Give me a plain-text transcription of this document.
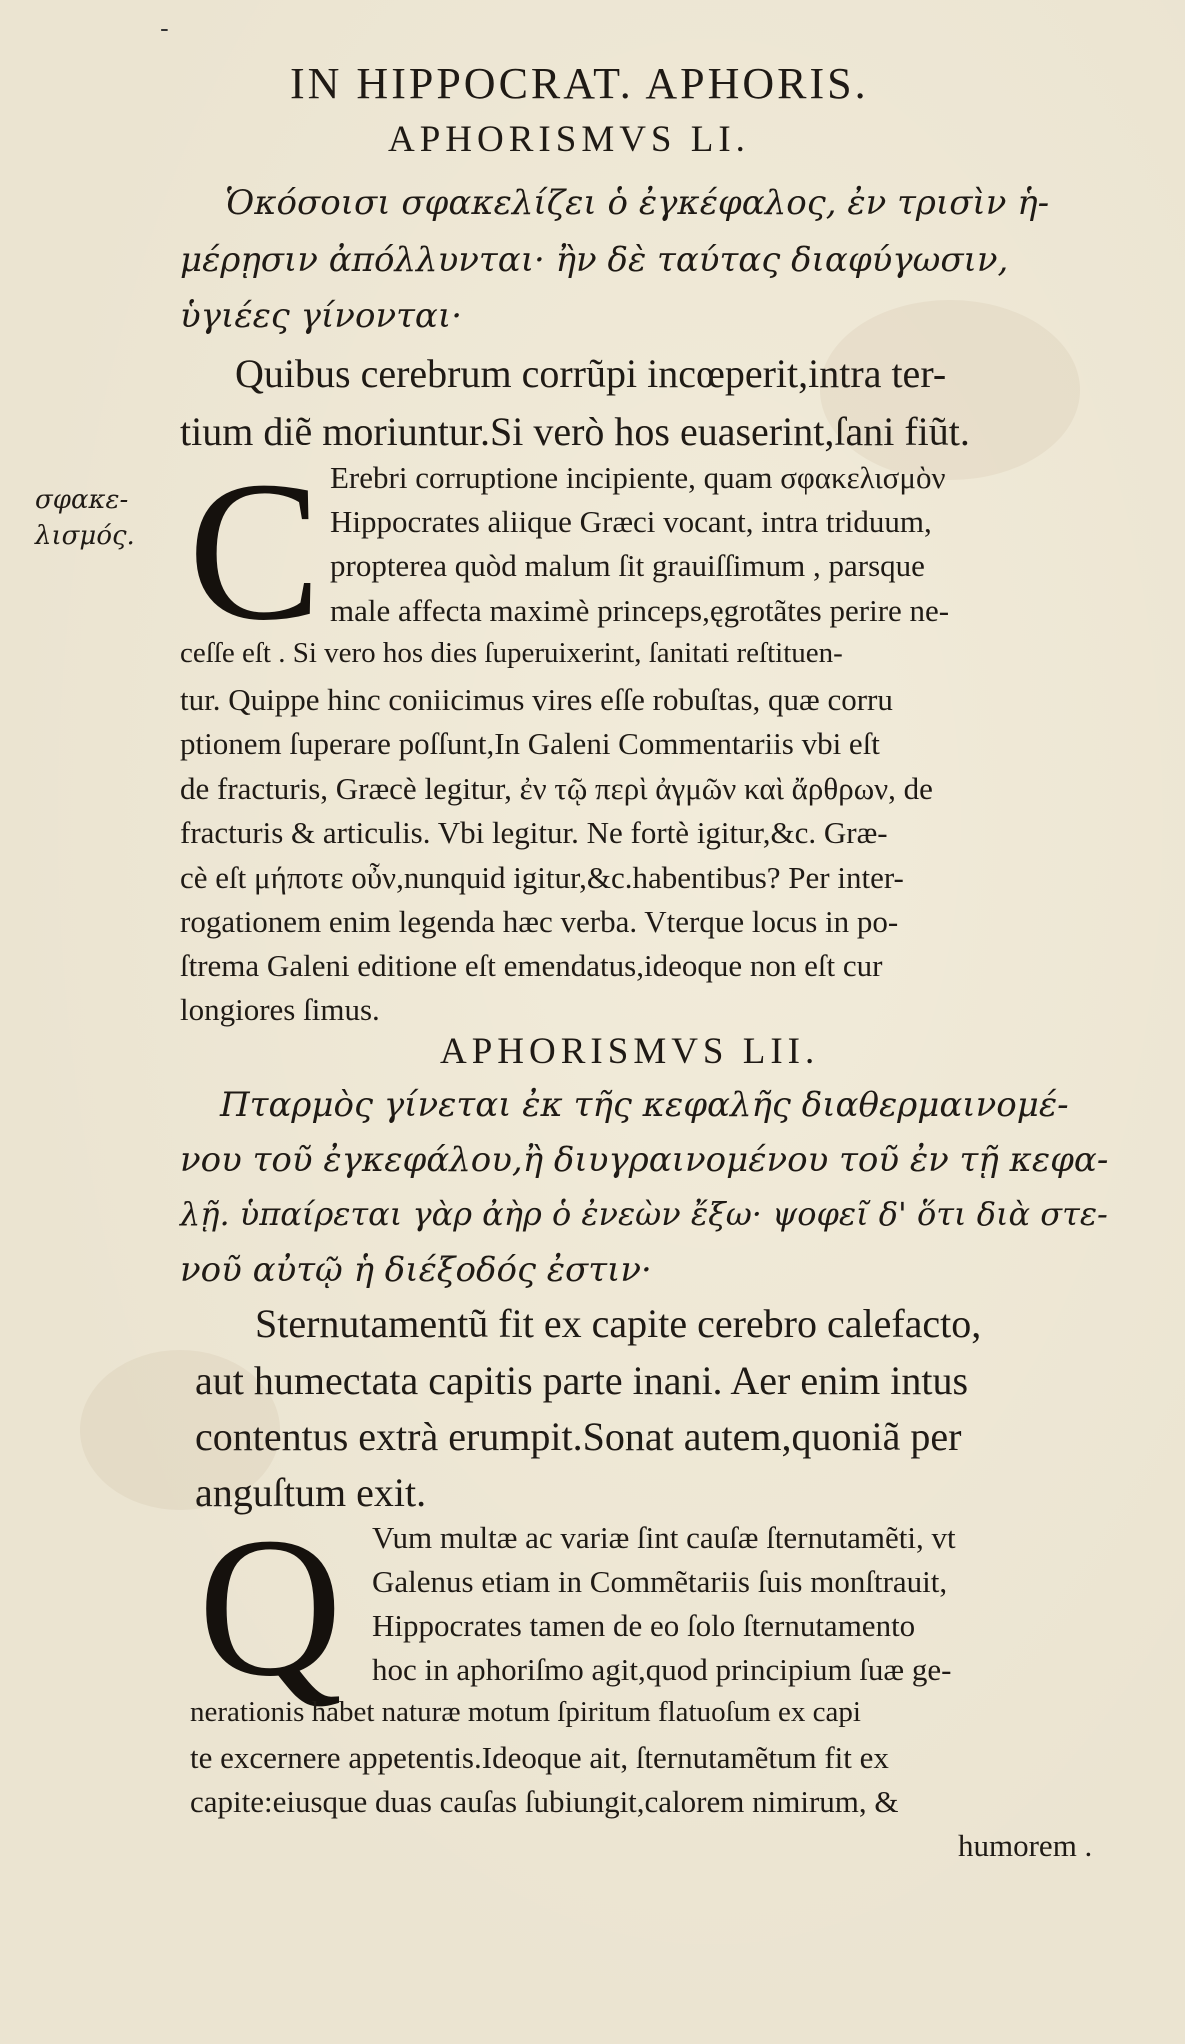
-
IN HIPPOCRAT. APHORIS.
APHORISMVS LI.
Ὁκόσοισι σφακελίζει ὁ ἐγκέφαλος, ἐν τρισὶν ἡ-
μέρῃσιν ἀπόλλυνται· ἢν δὲ ταύτας διαφύγωσιν,
ὑγιέες γίνονται·
Quibus cerebrum corrũpi incœperit,intra ter-
tium diẽ moriuntur.Si verò hos euaserint,ſani fiũt.
σφακε-
λισμός. C Erebri corruptione incipiente, quam σφακελισμὸν
Hippocrates aliique Græci vocant, intra triduum,
propterea quòd malum ſit grauiſſimum , parsque
male affecta maximè princeps,ęgrotãtes perire ne-
ceſſe eſt . Si vero hos dies ſuperuixerint, ſanitati reſtituen-
tur. Quippe hinc coniicimus vires eſſe robuſtas, quæ corru
ptionem ſuperare poſſunt,In Galeni Commentariis vbi eſt
de fracturis, Græcè legitur, ἐν τῷ περὶ ἀγμῶν καὶ ἄρθρων, de
fracturis & articulis. Vbi legitur. Ne fortè igitur,&c. Græ-
cè eſt μήποτε οὖν,nunquid igitur,&c.habentibus? Per inter-
rogationem enim legenda hæc verba. Vterque locus in po-
ſtrema Galeni editione eſt emendatus,ideoque non eſt cur
longiores ſimus.
APHORISMVS LII.
Πταρμὸς γίνεται ἐκ τῆς κεφαλῆς διαθερμαινομέ-
νου τοῦ ἐγκεφάλου,ἢ διυγραινομένου τοῦ ἐν τῇ κεφα-
λῇ. ὑπαίρεται γὰρ ἀὴρ ὁ ἐνεὼν ἔξω· ψοφεῖ δ' ὅτι διὰ στε-
νοῦ αὐτῷ ἡ διέξοδός ἐστιν·
Sternutamentũ fit ex capite cerebro calefacto,
aut humectata capitis parte inani. Aer enim intus
contentus extrà erumpit.Sonat autem,quoniã per
anguſtum exit.
Q Vum multæ ac variæ ſint cauſæ ſternutamẽti, vt
Galenus etiam in Commẽtariis ſuis monſtrauit,
Hippocrates tamen de eo ſolo ſternutamento
hoc in aphoriſmo agit,quod principium ſuæ ge-
nerationis habet naturæ motum ſpiritum flatuoſum ex capi
te excernere appetentis.Ideoque ait, ſternutamẽtum fit ex
capite:eiusque duas cauſas ſubiungit,calorem nimirum, &
humorem .
